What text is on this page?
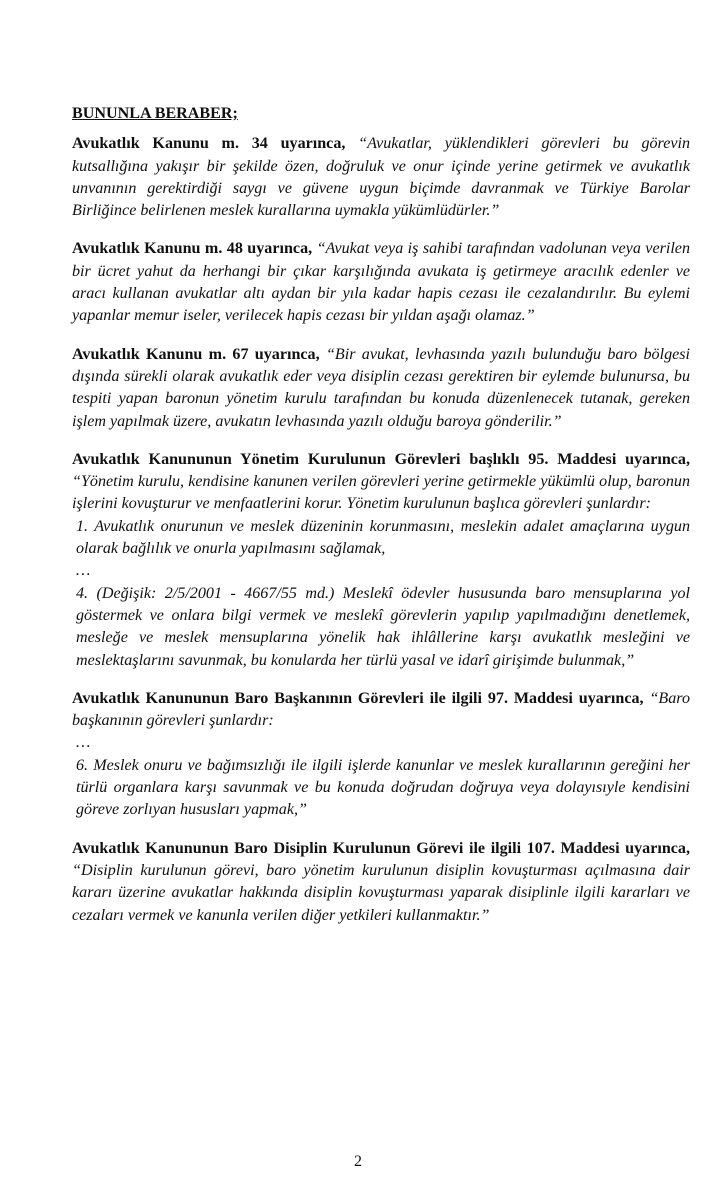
BUNUNLA BERABER;

Avukatlık Kanunu m. 34 uyarınca, “Avukatlar, yüklendikleri görevleri bu görevin kutsallığına yakışır bir şekilde özen, doğruluk ve onur içinde yerine getirmek ve avukatlık unvanının gerektirdiği saygı ve güvene uygun biçimde davranmak ve Türkiye Barolar Birliğince belirlenen meslek kurallarına uymakla yükümlüdürler.”

Avukatlık Kanunu m. 48 uyarınca, “Avukat veya iş sahibi tarafından vadolunan veya verilen bir ücret yahut da herhangi bir çıkar karşılığında avukata iş getirmeye aracılık edenler ve aracı kullanan avukatlar altı aydan bir yıla kadar hapis cezası ile cezalandırılır. Bu eylemi yapanlar memur iseler, verilecek hapis cezası bir yıldan aşağı olamaz.”

Avukatlık Kanunu m. 67 uyarınca, “Bir avukat, levhasında yazılı bulunduğu baro bölgesi dışında sürekli olarak avukatlık eder veya disiplin cezası gerektiren bir eylemde bulunursa, bu tespiti yapan baronun yönetim kurulu tarafından bu konuda düzenlenecek tutanak, gereken işlem yapılmak üzere, avukatın levhasında yazılı olduğu baroya gönderilir.”

Avukatlık Kanununun Yönetim Kurulunun Görevleri başlıklı 95. Maddesi uyarınca, “Yönetim kurulu, kendisine kanunen verilen görevleri yerine getirmekle yükümlü olup, baronun işlerini kovuşturur ve menfaatlerini korur. Yönetim kurulunun başlıca görevleri şunlardır:

1. Avukatlık onurunun ve meslek düzeninin korunmasını, meslekin adalet amaçlarına uygun olarak bağlılık ve onurla yapılmasını sağlamak,

…

4. (Değişik: 2/5/2001 - 4667/55 md.) Meslekî ödevler hususunda baro mensuplarına yol göstermek ve onlara bilgi vermek ve meslekî görevlerin yapılıp yapılmadığını denetlemek, mesleğe ve meslek mensuplarına yönelik hak ihlâllerine karşı avukatlık mesleğini ve meslektaşlarını savunmak, bu konularda her türlü yasal ve idarî girişimde bulunmak,”

Avukatlık Kanununun Baro Başkanının Görevleri ile ilgili 97. Maddesi uyarınca, “Baro başkanının görevleri şunlardır:

…

6. Meslek onuru ve bağımsızlığı ile ilgili işlerde kanunlar ve meslek kurallarının gereğini her türlü organlara karşı savunmak ve bu konuda doğrudan doğruya veya dolayısıyle kendisini göreve zorlıyan hususları yapmak,”

Avukatlık Kanununun Baro Disiplin Kurulunun Görevi ile ilgili 107. Maddesi uyarınca, “Disiplin kurulunun görevi, baro yönetim kurulunun disiplin kovuşturması açılmasına dair kararı üzerine avukatlar hakkında disiplin kovuşturması yaparak disiplinle ilgili kararları ve cezaları vermek ve kanunla verilen diğer yetkileri kullanmaktır.”

2
